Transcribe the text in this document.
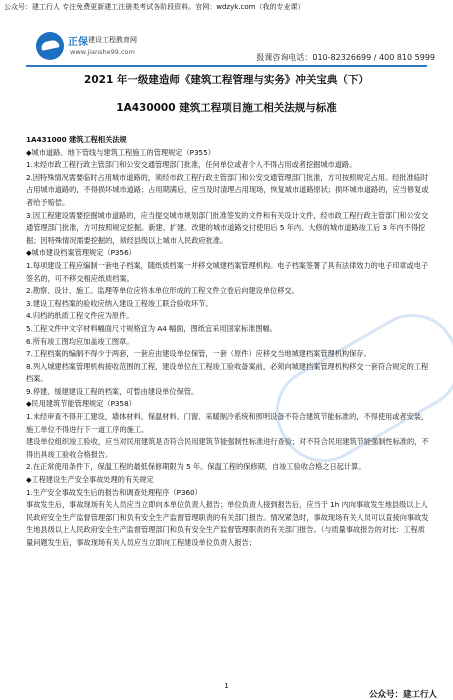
公众号：建工行人 专注免费更新建工注册类考试各阶段资料。官网：wdzyk.com（我的专业课）
正保 建设工程教育网
www.jianshe99.com
报课咨询电话：010-82326699 / 400 810 5999
2021 年一级建造师《建筑工程管理与实务》冲关宝典（下）
1A430000 建筑工程项目施工相关法规与标准

1A431000 建筑工程相关法规

◆城市道路、地下管线与建筑工程施工的管理规定（P355）

1.未经市政工程行政主管部门和公安交通管理部门批准，任何单位或者个人不得占用或者挖掘城市道路。

2.因特殊情况需要临时占用城市道路的，须经市政工程行政主管部门和公安交通管理部门批准，方可按照规定占用。经批准临时占用城市道路的，不得损坏城市道路；占用期满后，应当及时清理占用现场，恢复城市道路原状；损坏城市道路的，应当修复或者给予赔偿。

3.因工程建设需要挖掘城市道路的，应当提交城市规划部门批准签发的文件和有关设计文件，经市政工程行政主管部门和公安交通管理部门批准，方可按照规定挖掘。新建、扩建、改建的城市道路交付使用后 5 年内、大修的城市道路竣工后 3 年内不得挖掘；因特殊情况需要挖掘的，须经县级以上城市人民政府批准。

◆城市建设档案管理规定（P356）

1.每项建设工程应编制一套电子档案，随纸质档案一并移交城建档案管理机构。电子档案签署了具有法律效力的电子印章或电子签名的，可不移交相应纸质档案。

2.勘察、设计、施工、监理等单位应将本单位形成的工程文件立卷后向建设单位移交。

3.建设工程档案的验收应纳入建设工程竣工联合验收环节。

4.归档的纸质工程文件应为原件。

5.工程文件中文字材料幅面尺寸规格宜为 A4 幅面，图纸宜采用国家标准图幅。

6.所有竣工图均应加盖竣工图章。

7.工程档案的编制不得少于两套，一套应由建设单位保管，一套（原件）应移交当地城建档案管理机构保存。

8.列入城建档案管理机构接收范围的工程，建设单位在工程竣工验收备案前，必须向城建档案管理机构移交一套符合规定的工程档案。

9.停建、缓建建设工程的档案，可暂由建设单位保管。

◆民用建筑节能管理规定（P358）

1.未经审查不得开工建设，墙体材料、保温材料、门窗、采暖制冷系统和照明设备不符合建筑节能标准的，不得使用或者安装，施工单位不得进行下一道工序的施工。

建设单位组织竣工验收，应当对民用建筑是否符合民用建筑节能强制性标准进行查验；对不符合民用建筑节能强制性标准的，不得出具竣工验收合格报告。

2.在正常使用条件下，保温工程的最低保修期限为 5 年。保温工程的保修期，自竣工验收合格之日起计算。

◆工程建设生产安全事故处理的有关规定

1.生产安全事故发生后的报告和调查处理程序（P360）

事故发生后，事故现场有关人员应当立即向本单位负责人报告；单位负责人接到报告后，应当于 1h 内向事故发生地县级以上人民政府安全生产监督管理部门和负有安全生产监督管理职责的有关部门报告。情况紧急时，事故现场有关人员可以直接向事故发生地县级以上人民政府安全生产监督管理部门和负有安全生产监督管理职责的有关部门报告。（与质量事故报告的对比：工程质量问题发生后，事故现场有关人员应当立即向工程建设单位负责人报告；

1
公众号：建工行人
